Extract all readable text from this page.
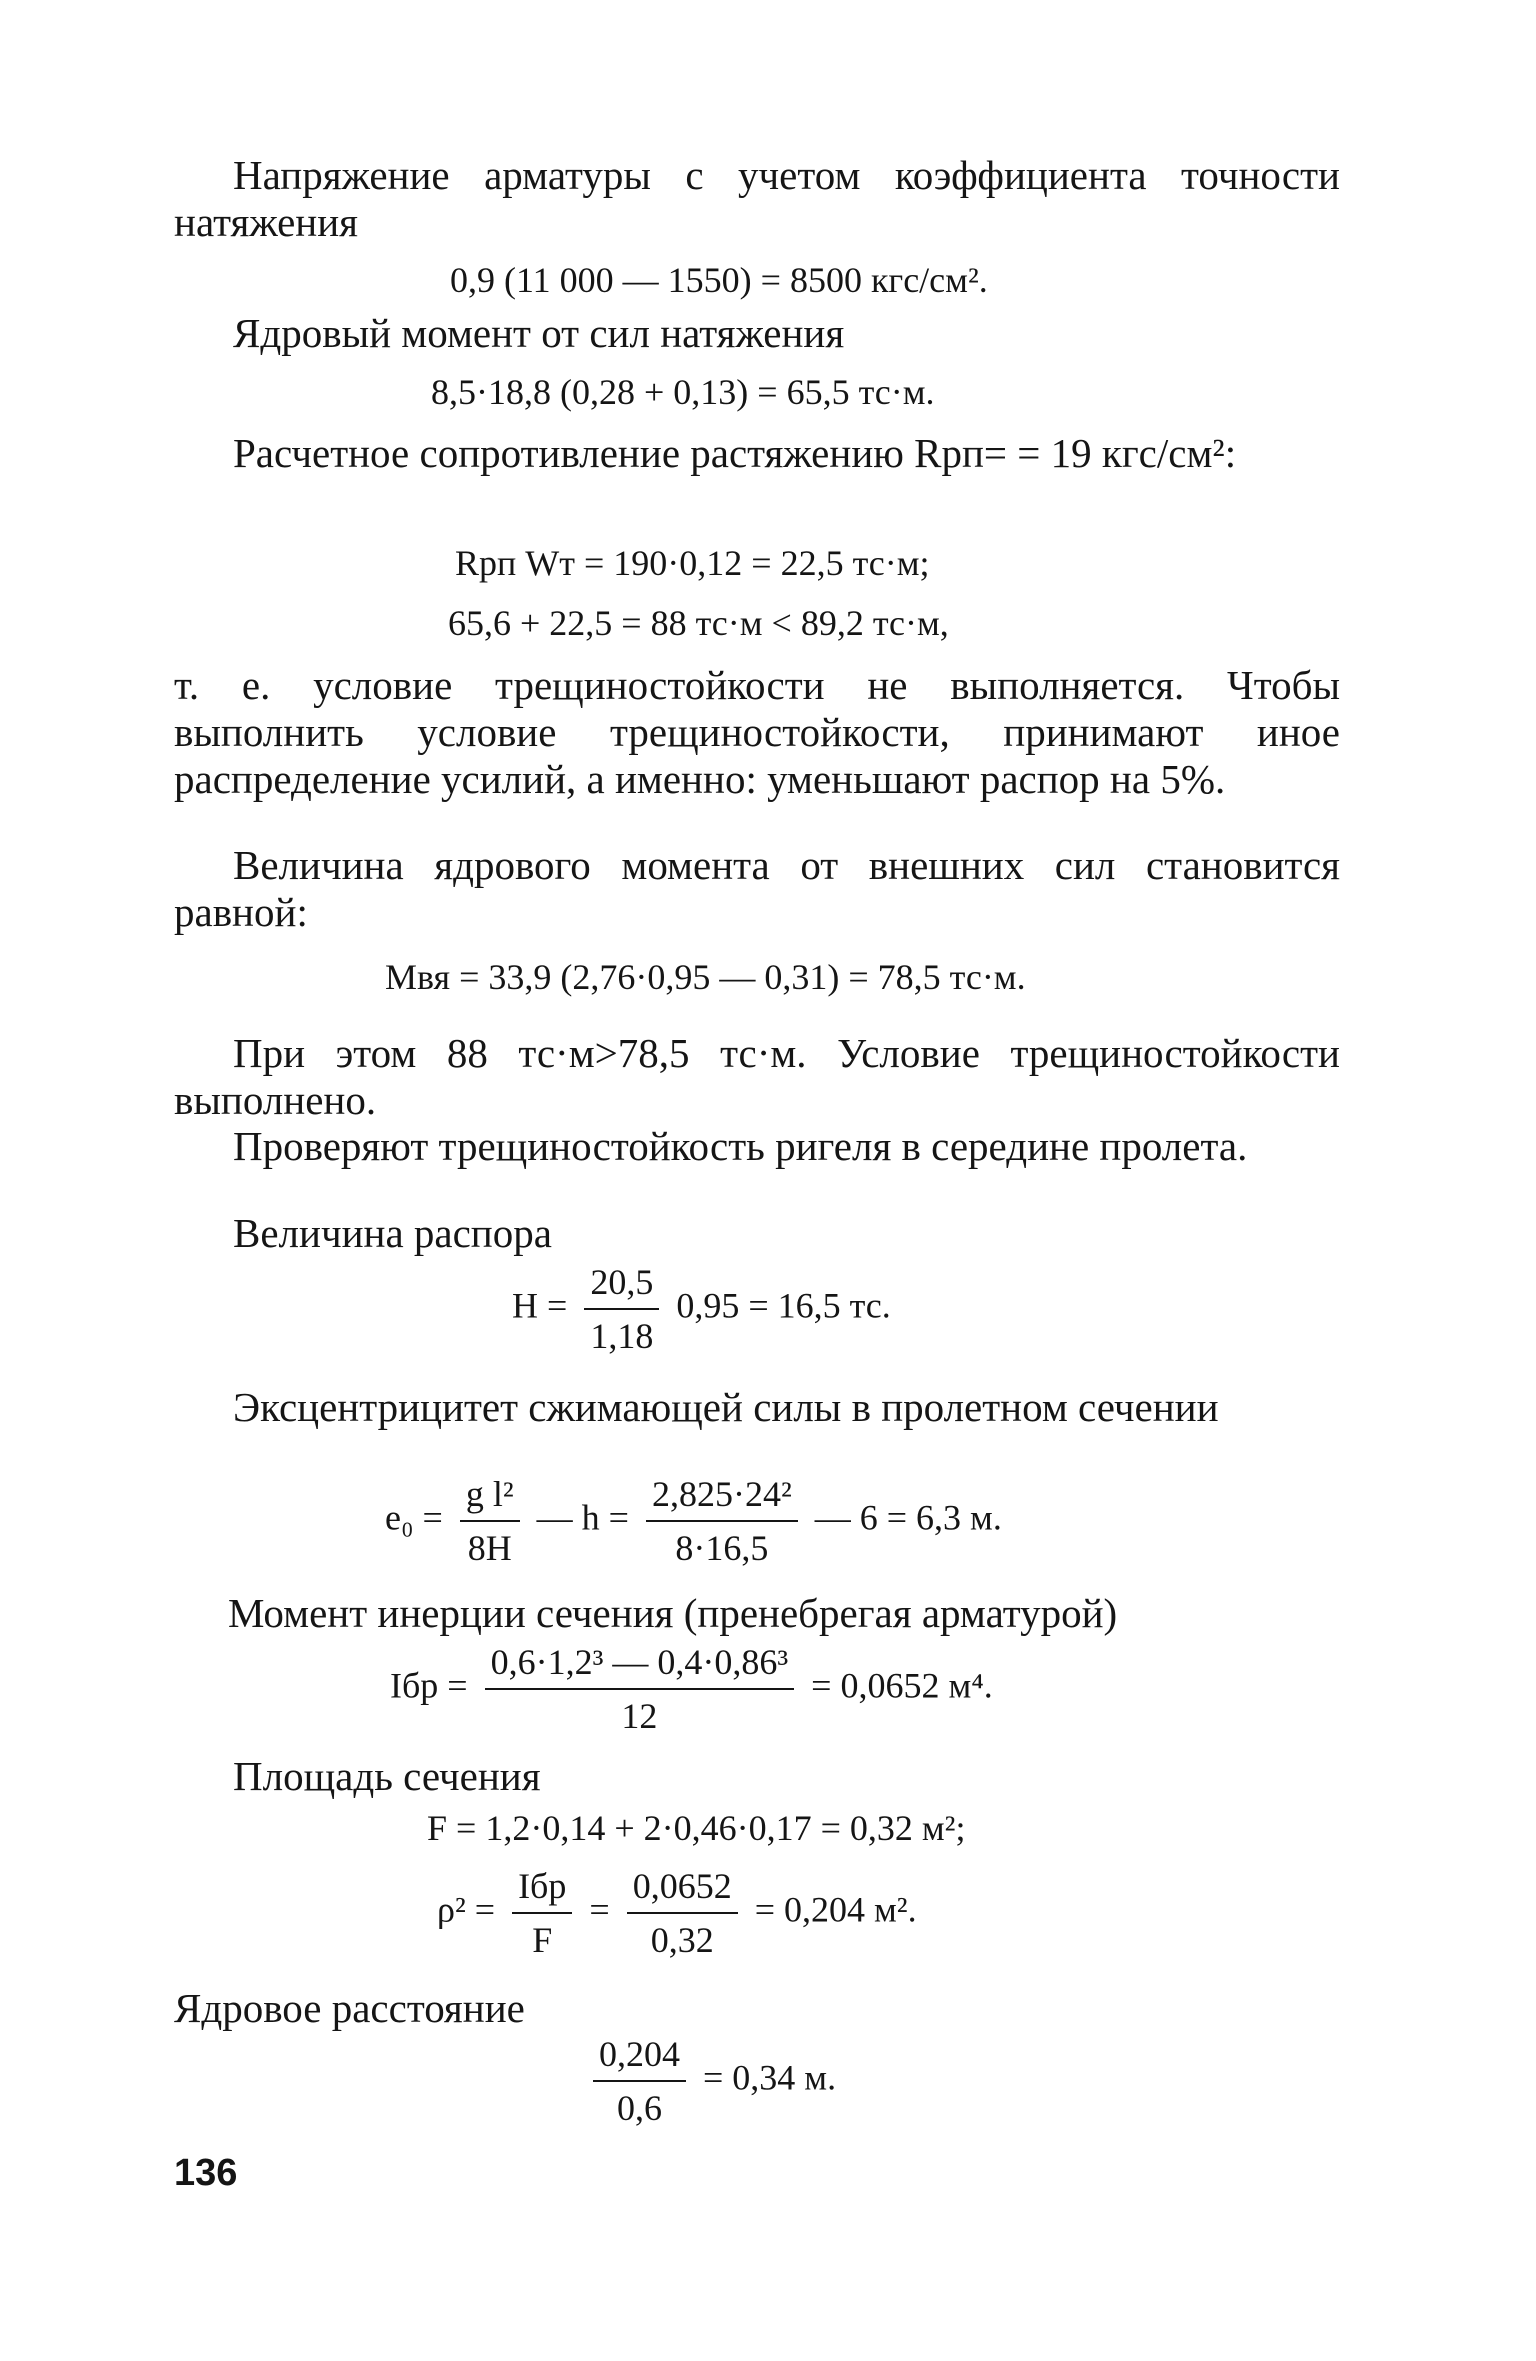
Напряжение арматуры с учетом коэффициента точности натяжения

0,9 (11 000 — 1550) = 8500 кгс/см².

Ядровый момент от сил натяжения

8,5·18,8 (0,28 + 0,13) = 65,5 тс·м.

Расчетное сопротивление растяжению Rрп= = 19 кгс/см²:

Rрп Wт = 190·0,12 = 22,5 тс·м;
65,6 + 22,5 = 88 тс·м < 89,2 тс·м,

т. е. условие трещиностойкости не выполняется. Чтобы выполнить условие трещиностойкости, принимают иное распределение усилий, а именно: уменьшают распор на 5%.

Величина ядрового момента от внешних сил становится равной:

Mвя = 33,9 (2,76·0,95 — 0,31) = 78,5 тс·м.

При этом 88 тс·м>78,5 тс·м. Условие трещиностойкости выполнено.

Проверяют трещиностойкость ригеля в середине пролета.

Величина распора

$H = \frac{20,5}{1,18} 0,95 = 16,5$ тс.

Эксцентрицитет сжимающей силы в пролетном сечении

$e_0 = \frac{\text{g l²}}{8H}$ — $h = \frac{\text{2,825·24²}}{8\cdot 16,5}$ — 6 = 6,3 м.

Момент инерции сечения (пренебрегая арматурой)

Iбр = $\frac{\text{0,6·1,2³ — 0,4·0,86³}}{12} = 0,0652$ м⁴.

Площадь сечения

F = 1,2·0,14 + 2·0,46·0,17 = 0,32 м²;
$\rho^2 = \frac{\text{Iбр}}{F} = \frac{0,0652}{0,32} = 0,204$ м².

Ядровое расстояние

$\frac{0,204}{0,6} = 0,34$ м.
136
